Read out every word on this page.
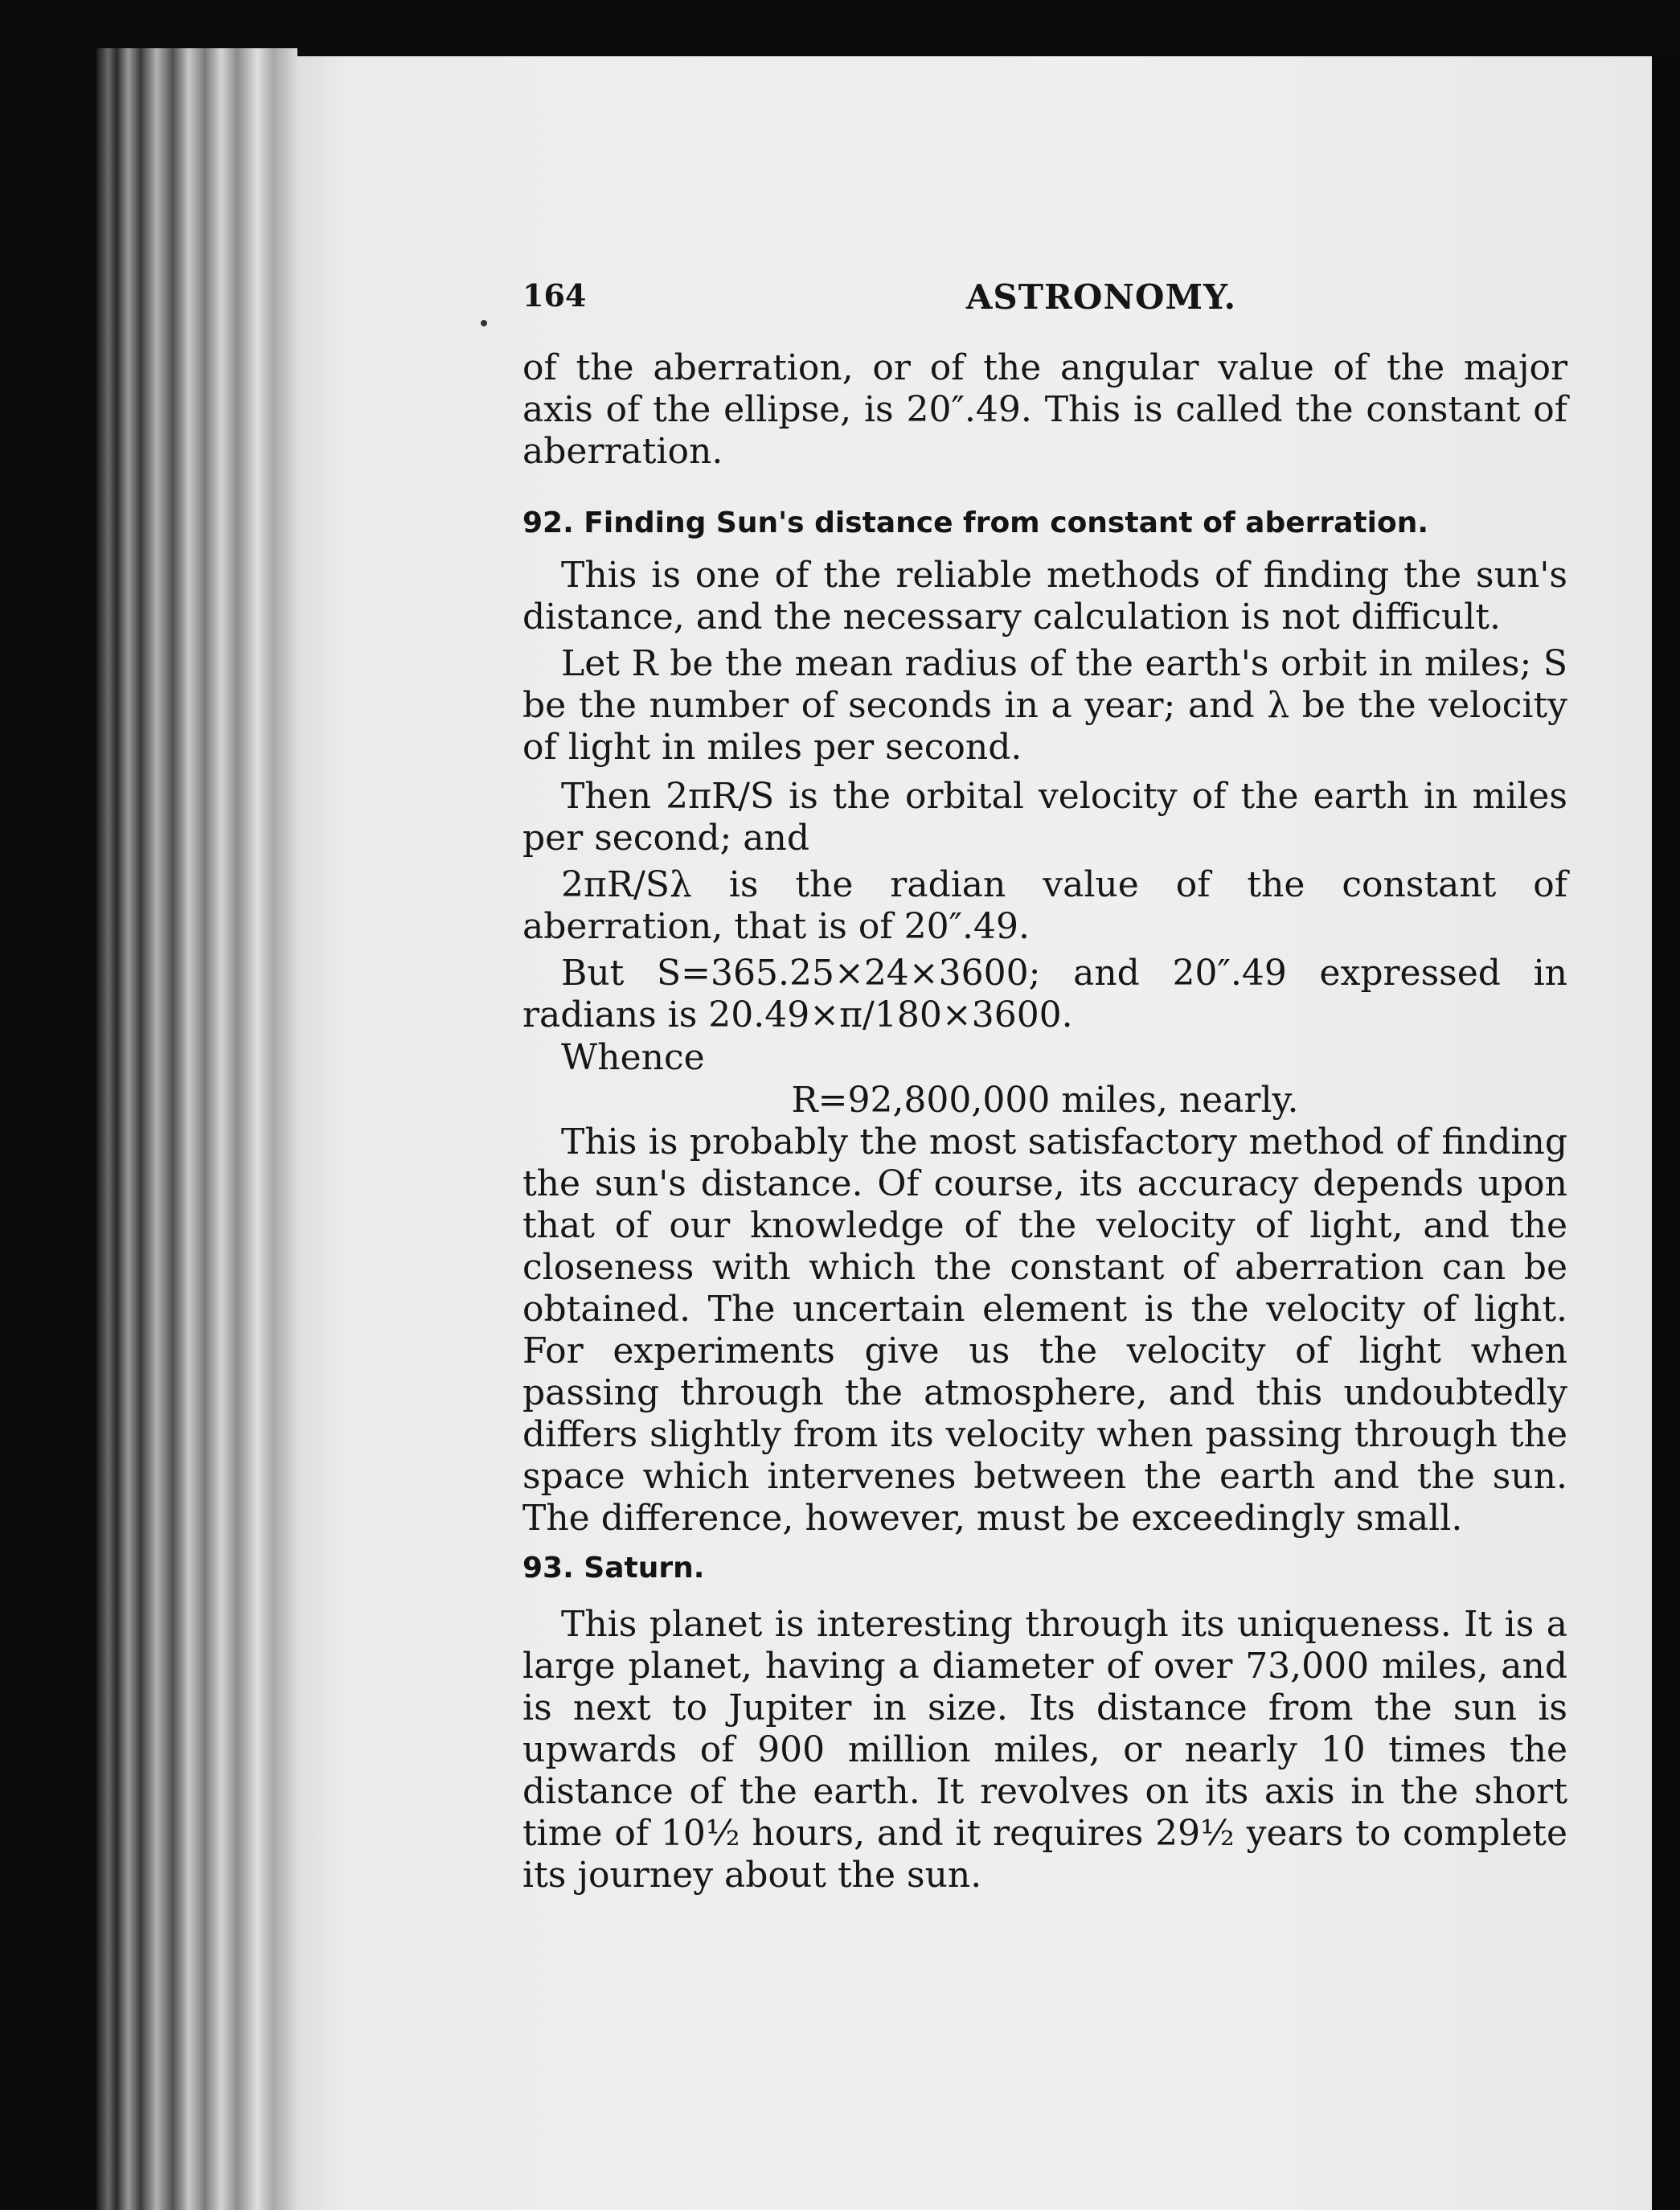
164	ASTRONOMY.
of the aberration, or of the angular value of the major axis of the ellipse, is 20″.49. This is called the constant of aberration.
92. Finding Sun's distance from constant of aberration.
This is one of the reliable methods of finding the sun's distance, and the necessary calculation is not difficult.
Let R be the mean radius of the earth's orbit in miles; S be the number of seconds in a year; and λ be the velocity of light in miles per second.
Then 2πR/S is the orbital velocity of the earth in miles per second; and
2πR/Sλ is the radian value of the constant of aberration, that is of 20″.49.
But S=365.25×24×3600; and 20″.49 expressed in radians is 20.49×π/180×3600.
Whence
R=92,800,000 miles, nearly.
This is probably the most satisfactory method of finding the sun's distance. Of course, its accuracy depends upon that of our knowledge of the velocity of light, and the closeness with which the constant of aberration can be obtained. The uncertain element is the velocity of light. For experiments give us the velocity of light when passing through the atmosphere, and this undoubtedly differs slightly from its velocity when passing through the space which intervenes between the earth and the sun. The difference, however, must be exceedingly small.
93. Saturn.
This planet is interesting through its uniqueness. It is a large planet, having a diameter of over 73,000 miles, and is next to Jupiter in size. Its distance from the sun is upwards of 900 million miles, or nearly 10 times the distance of the earth. It revolves on its axis in the short time of 10½ hours, and it requires 29½ years to complete its journey about the sun.
